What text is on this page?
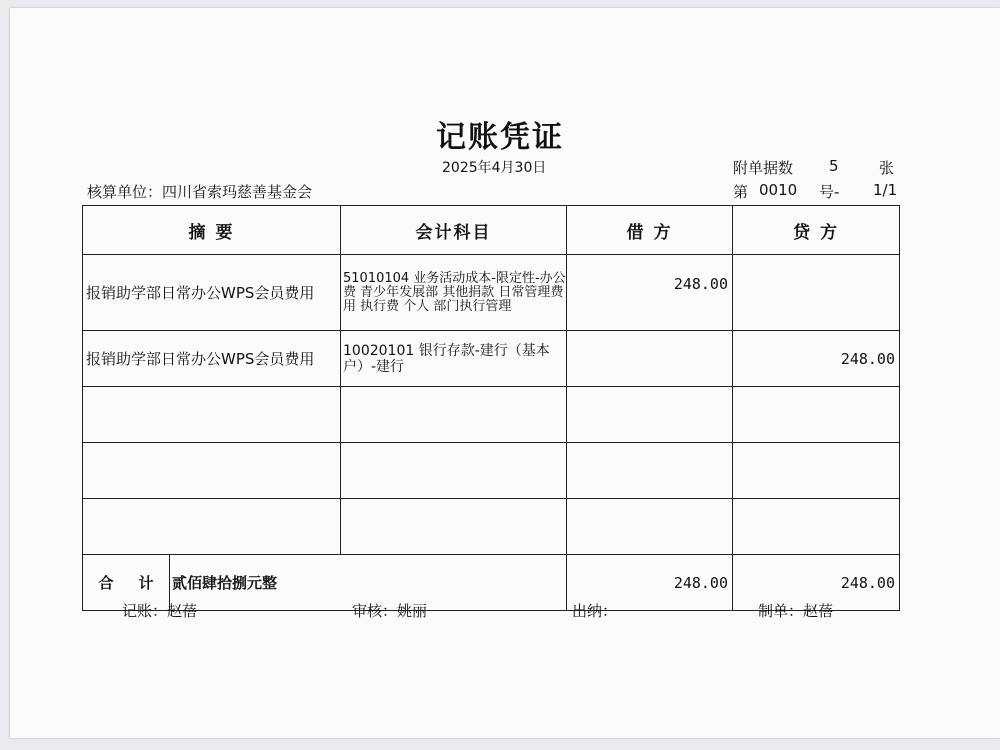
记账凭证
2025年4月30日	附单据数 5	张
核算单位：四川省索玛慈善基金会	第 0010 号- 1/1
摘 要	会计科目	借 方	贷 方
报销助学部日常办公WPS会员费用	51010104 业务活动成本-限定性-办公费 青少年发展部 其他捐款 日常管理费用 执行费 个人 部门执行管理	248.00	
报销助学部日常办公WPS会员费用	10020101 银行存款-建行（基本户）-建行		248.00

合 计 贰佰肆拾捌元整		248.00	248.00
记账：赵蓓	审核：姚丽	出纳：	制单：赵蓓
